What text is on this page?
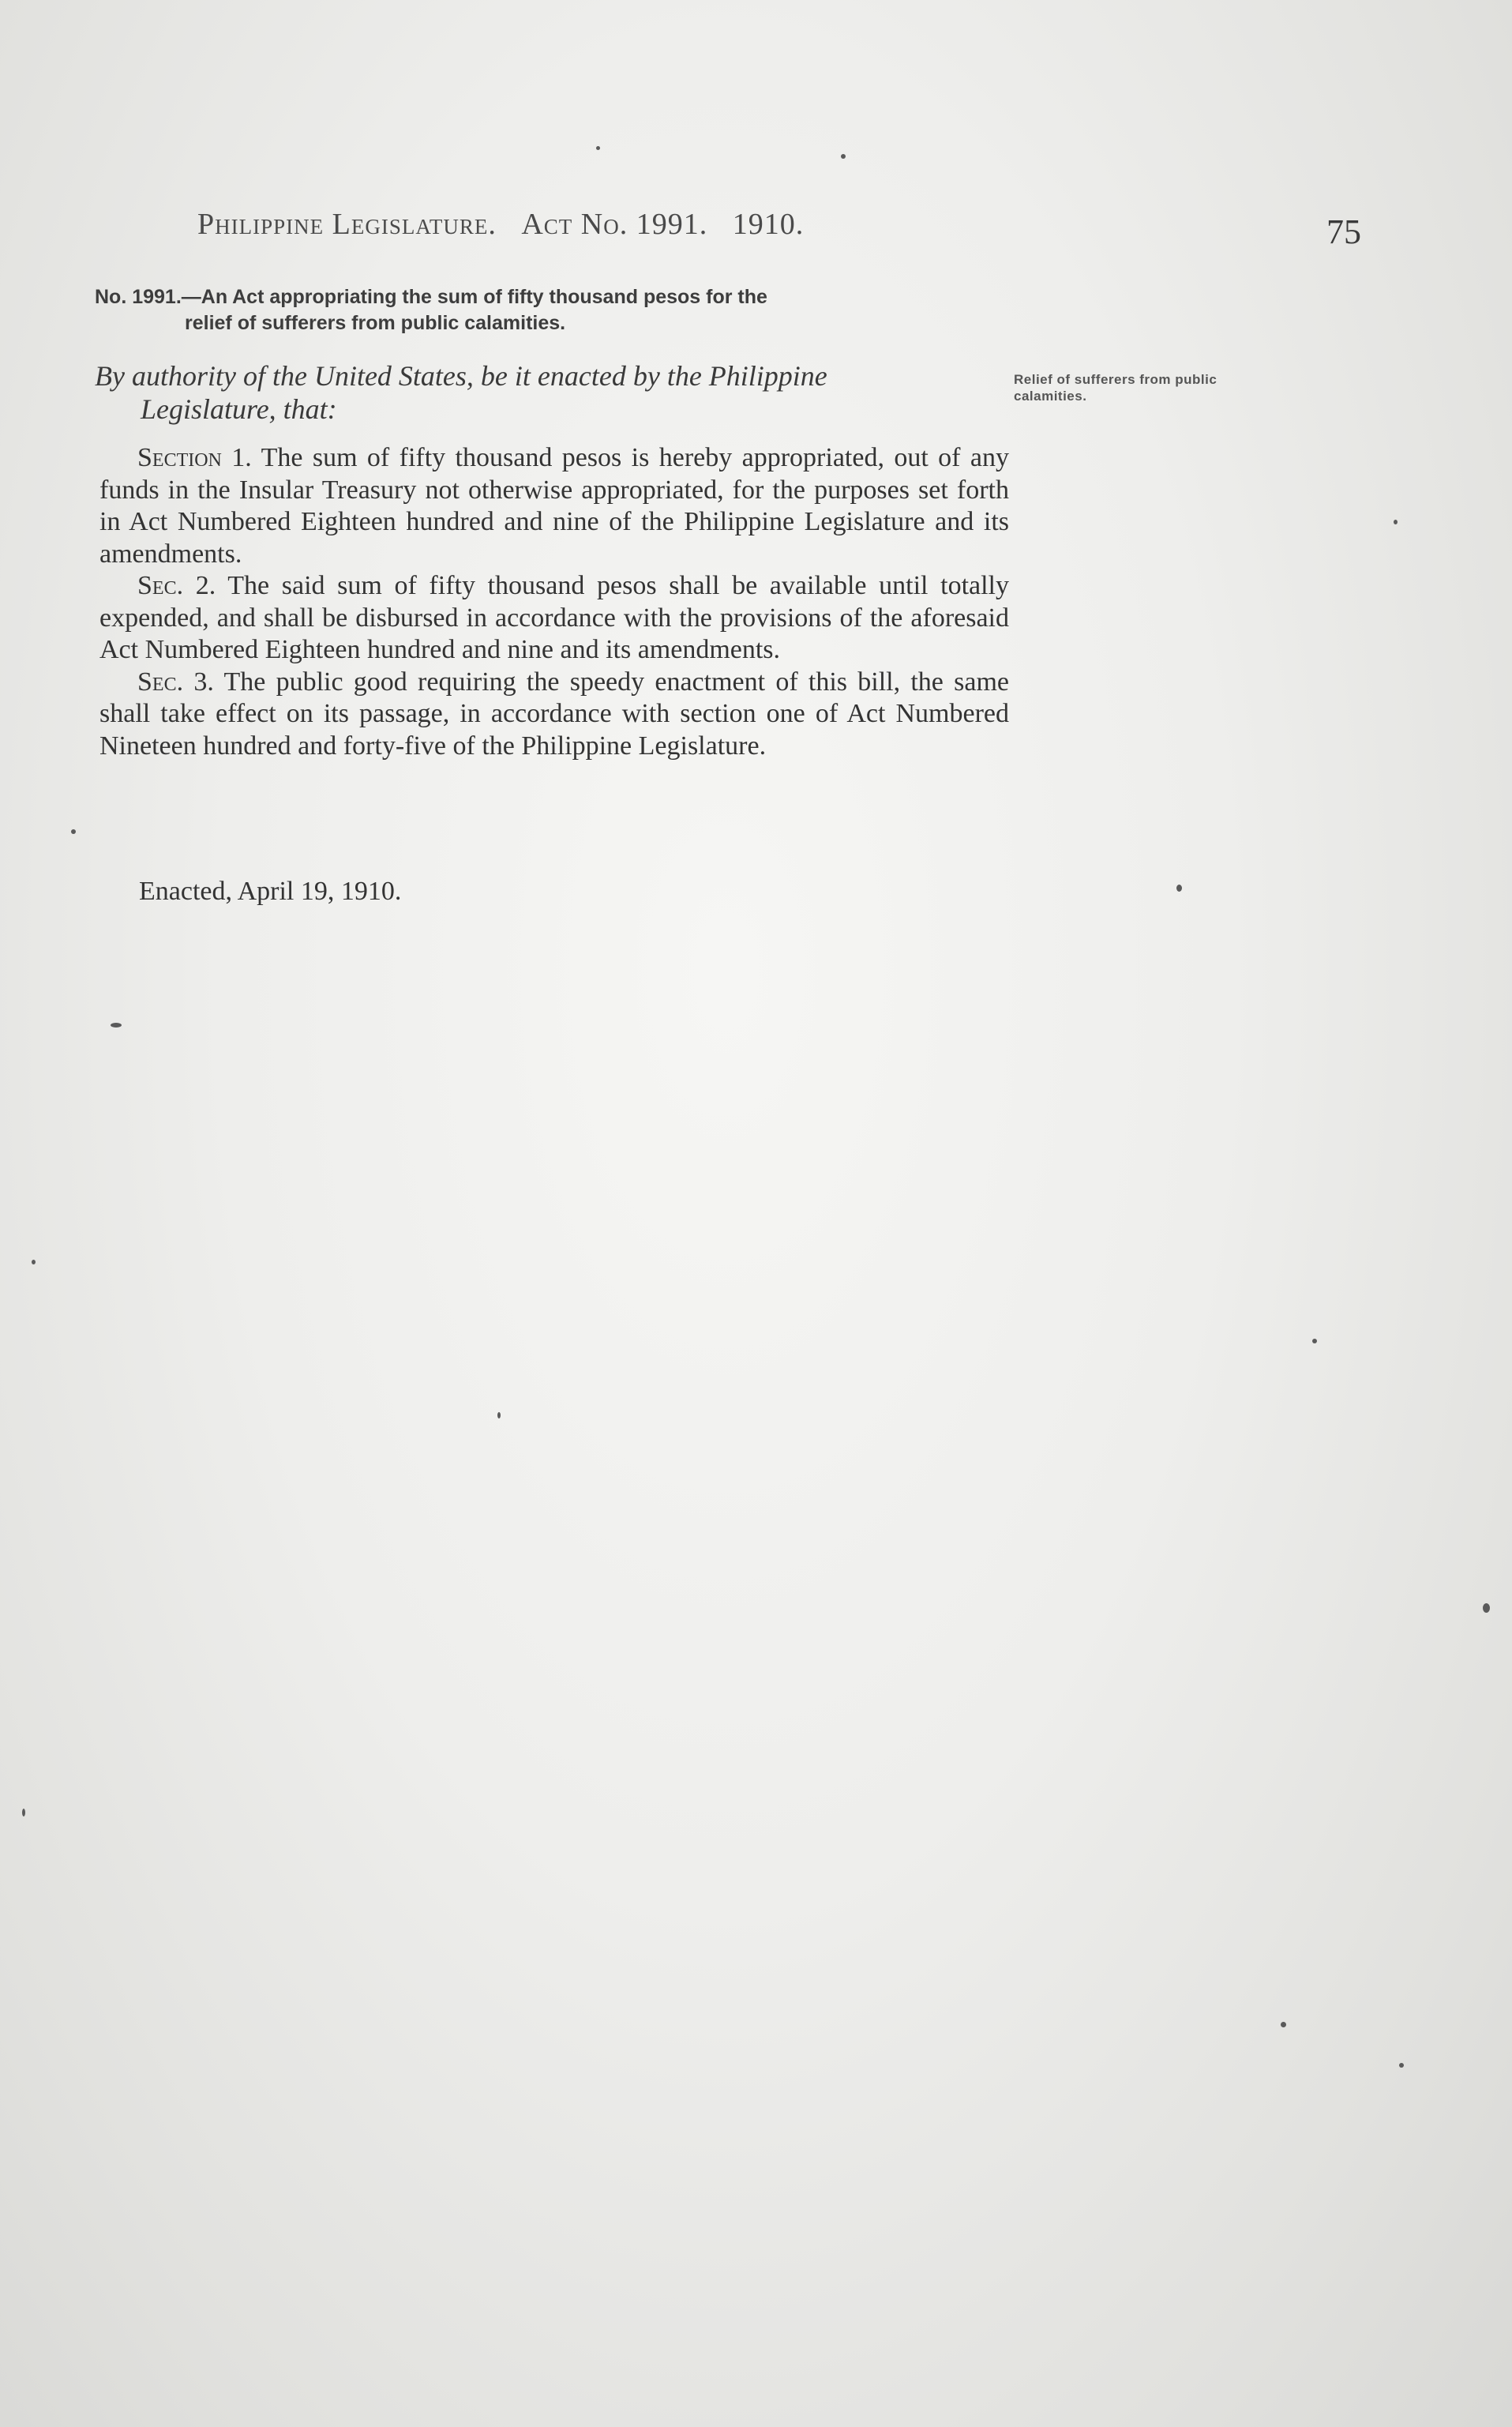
Philippine Legislature. Act No. 1991. 1910.	75
No. 1991.—An Act appropriating the sum of fifty thousand pesos for the
relief of sufferers from public calamities.
By authority of the United States, be it enacted by the Philippine
Legislature, that:
Relief of sufferers from public calamities.

Section 1. The sum of fifty thousand pesos is hereby appropriated, out of any funds in the Insular Treasury not otherwise appropriated, for the purposes set forth in Act Numbered Eighteen hundred and nine of the Philippine Legislature and its amendments.

Sec. 2. The said sum of fifty thousand pesos shall be available until totally expended, and shall be disbursed in accordance with the provisions of the aforesaid Act Numbered Eighteen hundred and nine and its amendments.

Sec. 3. The public good requiring the speedy enactment of this bill, the same shall take effect on its passage, in accordance with section one of Act Numbered Nineteen hundred and forty-five of the Philippine Legislature.

Enacted, April 19, 1910.
